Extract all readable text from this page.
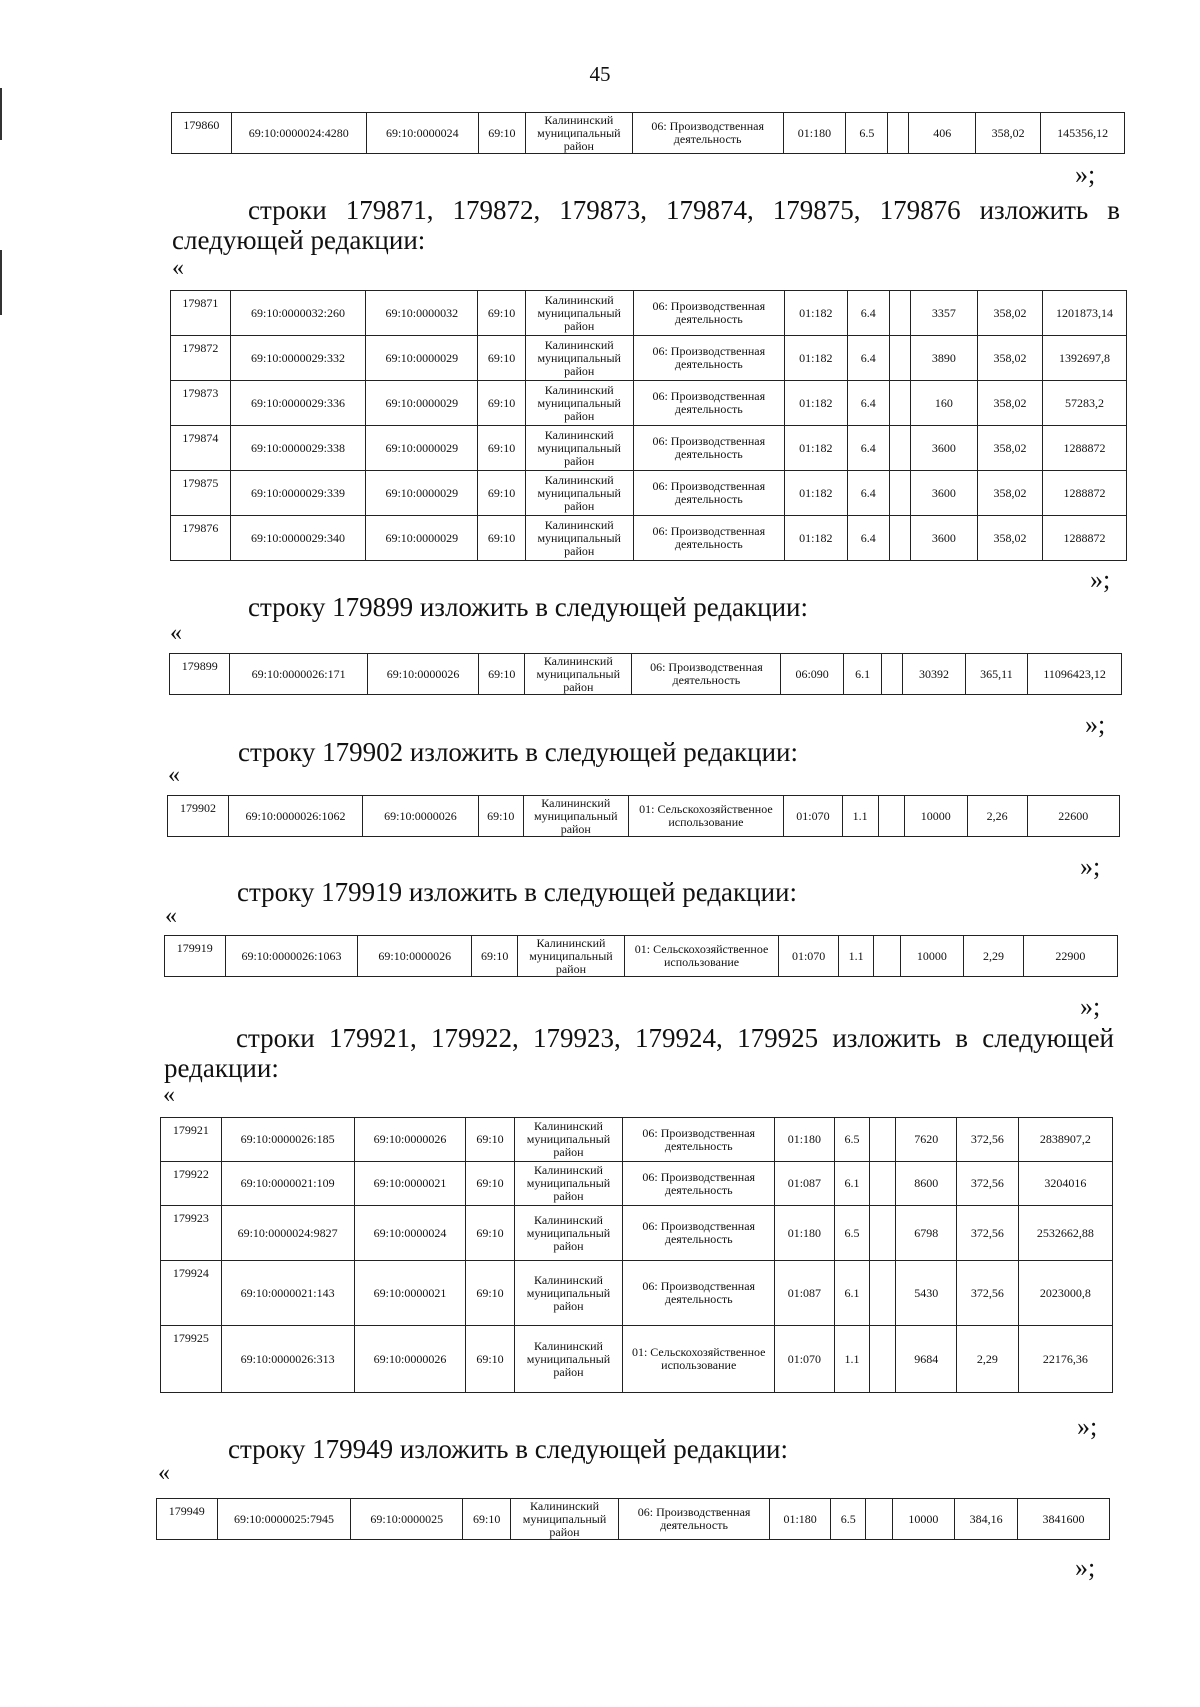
45
179860	69:10:0000024:4280	69:10:0000024	69:10	Калининский муниципальный район	06: Производственная деятельность	01:180	6.5		406	358,02	145356,12
»;
строки 179871, 179872, 179873, 179874, 179875, 179876 изложить в
следующей редакции:
«
179871	69:10:0000032:260	69:10:0000032	69:10	Калининский муниципальный район	06: Производственная деятельность	01:182	6.4		3357	358,02	1201873,14
179872	69:10:0000029:332	69:10:0000029	69:10	Калининский муниципальный район	06: Производственная деятельность	01:182	6.4		3890	358,02	1392697,8
179873	69:10:0000029:336	69:10:0000029	69:10	Калининский муниципальный район	06: Производственная деятельность	01:182	6.4		160	358,02	57283,2
179874	69:10:0000029:338	69:10:0000029	69:10	Калининский муниципальный район	06: Производственная деятельность	01:182	6.4		3600	358,02	1288872
179875	69:10:0000029:339	69:10:0000029	69:10	Калининский муниципальный район	06: Производственная деятельность	01:182	6.4		3600	358,02	1288872
179876	69:10:0000029:340	69:10:0000029	69:10	Калининский муниципальный район	06: Производственная деятельность	01:182	6.4		3600	358,02	1288872
»;
строку 179899 изложить в следующей редакции:
«
179899	69:10:0000026:171	69:10:0000026	69:10	Калининский муниципальный район	06: Производственная деятельность	06:090	6.1		30392	365,11	11096423,12
»;
строку 179902 изложить в следующей редакции:
«
179902	69:10:0000026:1062	69:10:0000026	69:10	Калининский муниципальный район	01: Сельскохозяйственное использование	01:070	1.1		10000	2,26	22600
»;
строку 179919 изложить в следующей редакции:
«
179919	69:10:0000026:1063	69:10:0000026	69:10	Калининский муниципальный район	01: Сельскохозяйственное использование	01:070	1.1		10000	2,29	22900
»;
строки 179921, 179922, 179923, 179924, 179925 изложить в следующей
редакции:
«
179921	69:10:0000026:185	69:10:0000026	69:10	Калининский муниципальный район	06: Производственная деятельность	01:180	6.5		7620	372,56	2838907,2
179922	69:10:0000021:109	69:10:0000021	69:10	Калининский муниципальный район	06: Производственная деятельность	01:087	6.1		8600	372,56	3204016
179923	69:10:0000024:9827	69:10:0000024	69:10	Калининский муниципальный район	06: Производственная деятельность	01:180	6.5		6798	372,56	2532662,88
179924	69:10:0000021:143	69:10:0000021	69:10	Калининский муниципальный район	06: Производственная деятельность	01:087	6.1		5430	372,56	2023000,8
179925	69:10:0000026:313	69:10:0000026	69:10	Калининский муниципальный район	01: Сельскохозяйственное использование	01:070	1.1		9684	2,29	22176,36
»;
строку 179949 изложить в следующей редакции:
«
179949	69:10:0000025:7945	69:10:0000025	69:10	Калининский муниципальный район	06: Производственная деятельность	01:180	6.5		10000	384,16	3841600
»;
